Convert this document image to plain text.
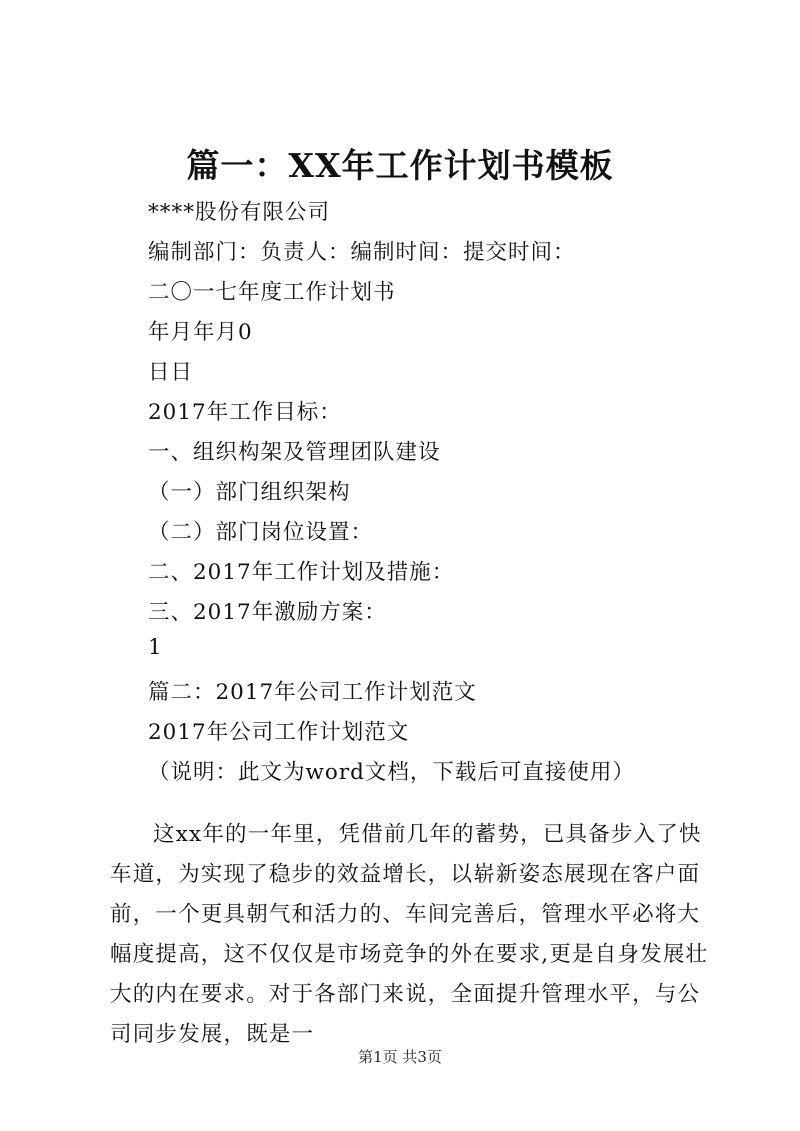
篇一：XX年工作计划书模板
****股份有限公司
编制部门：负责人：编制时间：提交时间：
二〇一七年度工作计划书
年月年月0
日日
2017年工作目标：
一、组织构架及管理团队建设
（一）部门组织架构
（二）部门岗位设置：
二、2017年工作计划及措施：
三、2017年激励方案：
1
篇二：2017年公司工作计划范文
2017年公司工作计划范文
（说明：此文为word文档，下载后可直接使用）

这xx年的一年里，凭借前几年的蓄势，已具备步入了快车道，为实现了稳步的效益增长，以崭新姿态展现在客户面前，一个更具朝气和活力的、车间完善后，管理水平必将大幅度提高，这不仅仅是市场竞争的外在要求,更是自身发展壮大的内在要求。对于各部门来说，全面提升管理水平，与公司同步发展，既是一

第1页 共3页
